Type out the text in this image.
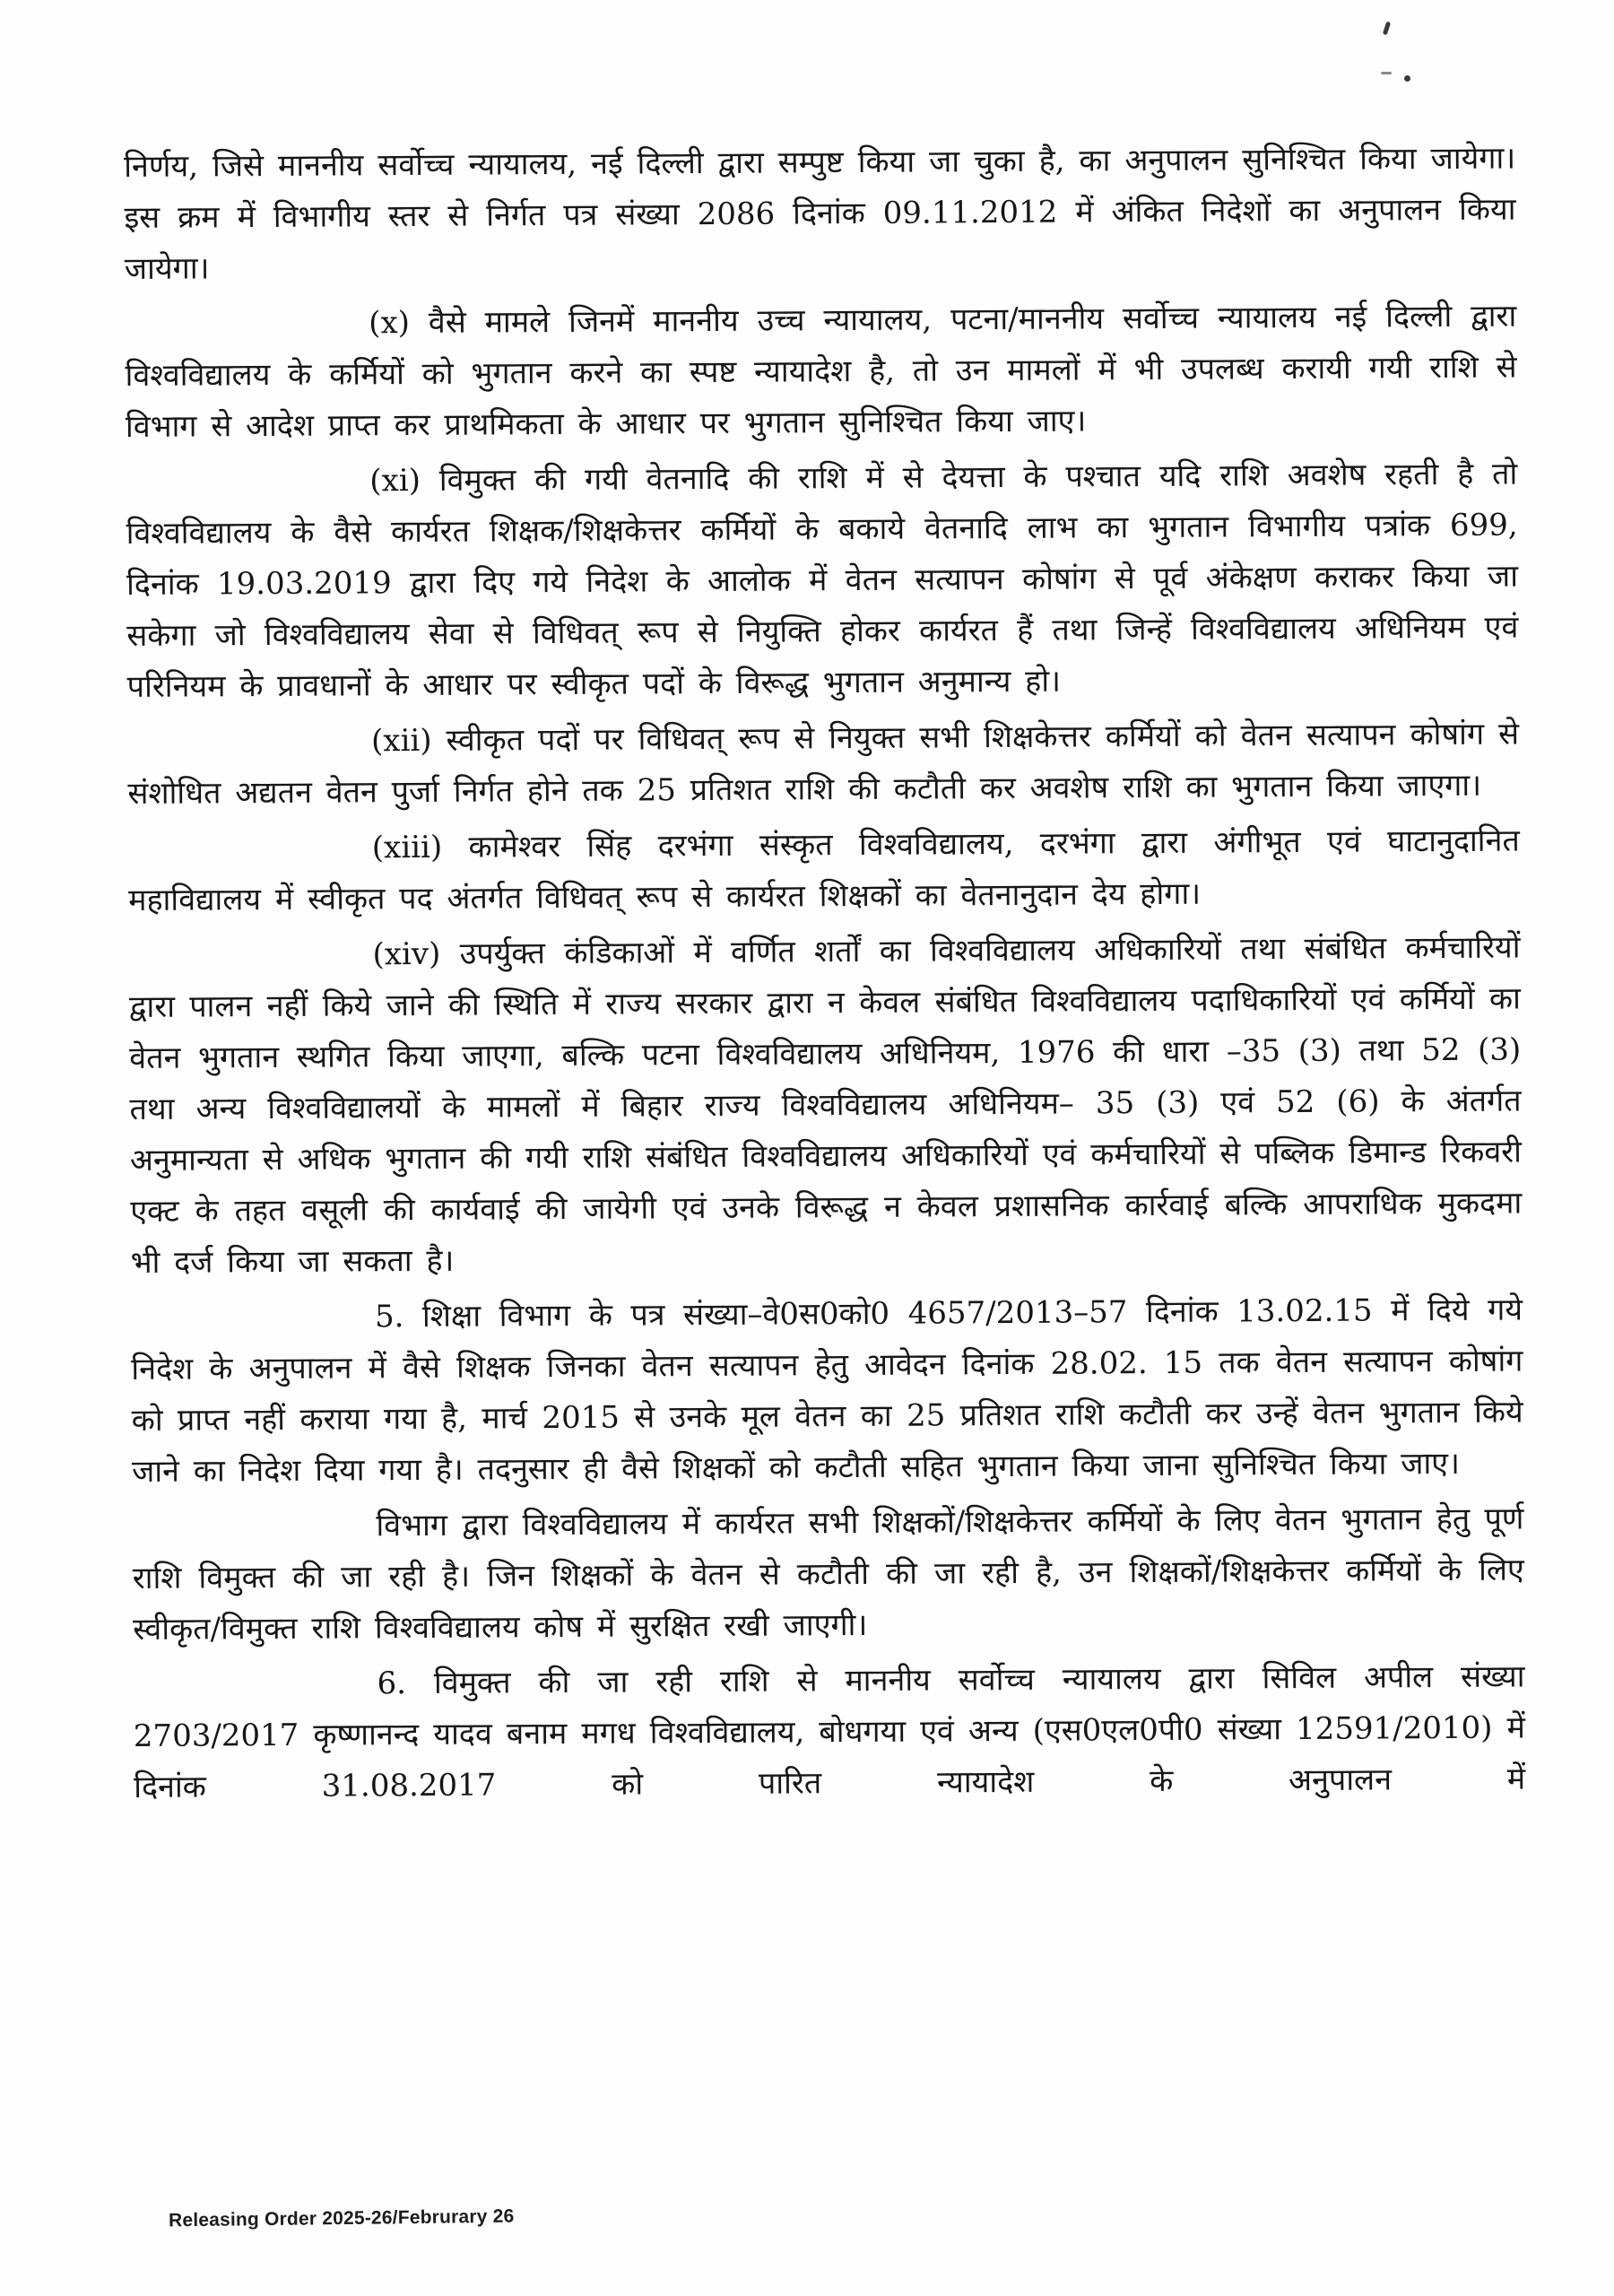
निर्णय, जिसे माननीय सर्वोच्च न्यायालय, नई दिल्ली द्वारा सम्पुष्ट किया जा चुका है, का अनुपालन सुनिश्चित किया जायेगा। इस क्रम में विभागीय स्तर से निर्गत पत्र संख्या 2086 दिनांक 09.11.2012 में अंकित निदेशों का अनुपालन किया जायेगा।

(x) वैसे मामले जिनमें माननीय उच्च न्यायालय, पटना/माननीय सर्वोच्च न्यायालय नई दिल्ली द्वारा विश्वविद्यालय के कर्मियों को भुगतान करने का स्पष्ट न्यायादेश है, तो उन मामलों में भी उपलब्ध करायी गयी राशि से विभाग से आदेश प्राप्त कर प्राथमिकता के आधार पर भुगतान सुनिश्चित किया जाए।

(xi) विमुक्त की गयी वेतनादि की राशि में से देयत्ता के पश्चात यदि राशि अवशेष रहती है तो विश्वविद्यालय के वैसे कार्यरत शिक्षक/शिक्षकेत्तर कर्मियों के बकाये वेतनादि लाभ का भुगतान विभागीय पत्रांक 699, दिनांक 19.03.2019 द्वारा दिए गये निदेश के आलोक में वेतन सत्यापन कोषांग से पूर्व अंकेक्षण कराकर किया जा सकेगा जो विश्वविद्यालय सेवा से विधिवत् रूप से नियुक्ति होकर कार्यरत हैं तथा जिन्हें विश्वविद्यालय अधिनियम एवं परिनियम के प्रावधानों के आधार पर स्वीकृत पदों के विरूद्ध भुगतान अनुमान्य हो।

(xii) स्वीकृत पदों पर विधिवत् रूप से नियुक्त सभी शिक्षकेत्तर कर्मियों को वेतन सत्यापन कोषांग से संशोधित अद्यतन वेतन पुर्जा निर्गत होने तक 25 प्रतिशत राशि की कटौती कर अवशेष राशि का भुगतान किया जाएगा।

(xiii) कामेश्वर सिंह दरभंगा संस्कृत विश्वविद्यालय, दरभंगा द्वारा अंगीभूत एवं घाटानुदानित महाविद्यालय में स्वीकृत पद अंतर्गत विधिवत् रूप से कार्यरत शिक्षकों का वेतनानुदान देय होगा।

(xiv) उपर्युक्त कंडिकाओं में वर्णित शर्तों का विश्वविद्यालय अधिकारियों तथा संबंधित कर्मचारियों द्वारा पालन नहीं किये जाने की स्थिति में राज्य सरकार द्वारा न केवल संबंधित विश्वविद्यालय पदाधिकारियों एवं कर्मियों का वेतन भुगतान स्थगित किया जाएगा, बल्कि पटना विश्वविद्यालय अधिनियम, 1976 की धारा –35 (3) तथा 52 (3) तथा अन्य विश्वविद्यालयों के मामलों में बिहार राज्य विश्वविद्यालय अधिनियम– 35 (3) एवं 52 (6) के अंतर्गत अनुमान्यता से अधिक भुगतान की गयी राशि संबंधित विश्वविद्यालय अधिकारियों एवं कर्मचारियों से पब्लिक डिमान्ड रिकवरी एक्ट के तहत वसूली की कार्यवाई की जायेगी एवं उनके विरूद्ध न केवल प्रशासनिक कार्रवाई बल्कि आपराधिक मुकदमा भी दर्ज किया जा सकता है।

5. शिक्षा विभाग के पत्र संख्या–वे0स0को0 4657/2013–57 दिनांक 13.02.15 में दिये गये निदेश के अनुपालन में वैसे शिक्षक जिनका वेतन सत्यापन हेतु आवेदन दिनांक 28.02. 15 तक वेतन सत्यापन कोषांग को प्राप्त नहीं कराया गया है, मार्च 2015 से उनके मूल वेतन का 25 प्रतिशत राशि कटौती कर उन्हें वेतन भुगतान किये जाने का निदेश दिया गया है। तदनुसार ही वैसे शिक्षकों को कटौती सहित भुगतान किया जाना सुनिश्चित किया जाए।

विभाग द्वारा विश्वविद्यालय में कार्यरत सभी शिक्षकों/शिक्षकेत्तर कर्मियों के लिए वेतन भुगतान हेतु पूर्ण राशि विमुक्त की जा रही है। जिन शिक्षकों के वेतन से कटौती की जा रही है, उन शिक्षकों/शिक्षकेत्तर कर्मियों के लिए स्वीकृत/विमुक्त राशि विश्वविद्यालय कोष में सुरक्षित रखी जाएगी।

6. विमुक्त की जा रही राशि से माननीय सर्वोच्च न्यायालय द्वारा सिविल अपील संख्या 2703/2017 कृष्णानन्द यादव बनाम मगध विश्वविद्यालय, बोधगया एवं अन्य (एस0एल0पी0 संख्या 12591/2010) में दिनांक 31.08.2017 को पारित न्यायादेश के अनुपालन में

Releasing Order 2025-26/Februrary 26
